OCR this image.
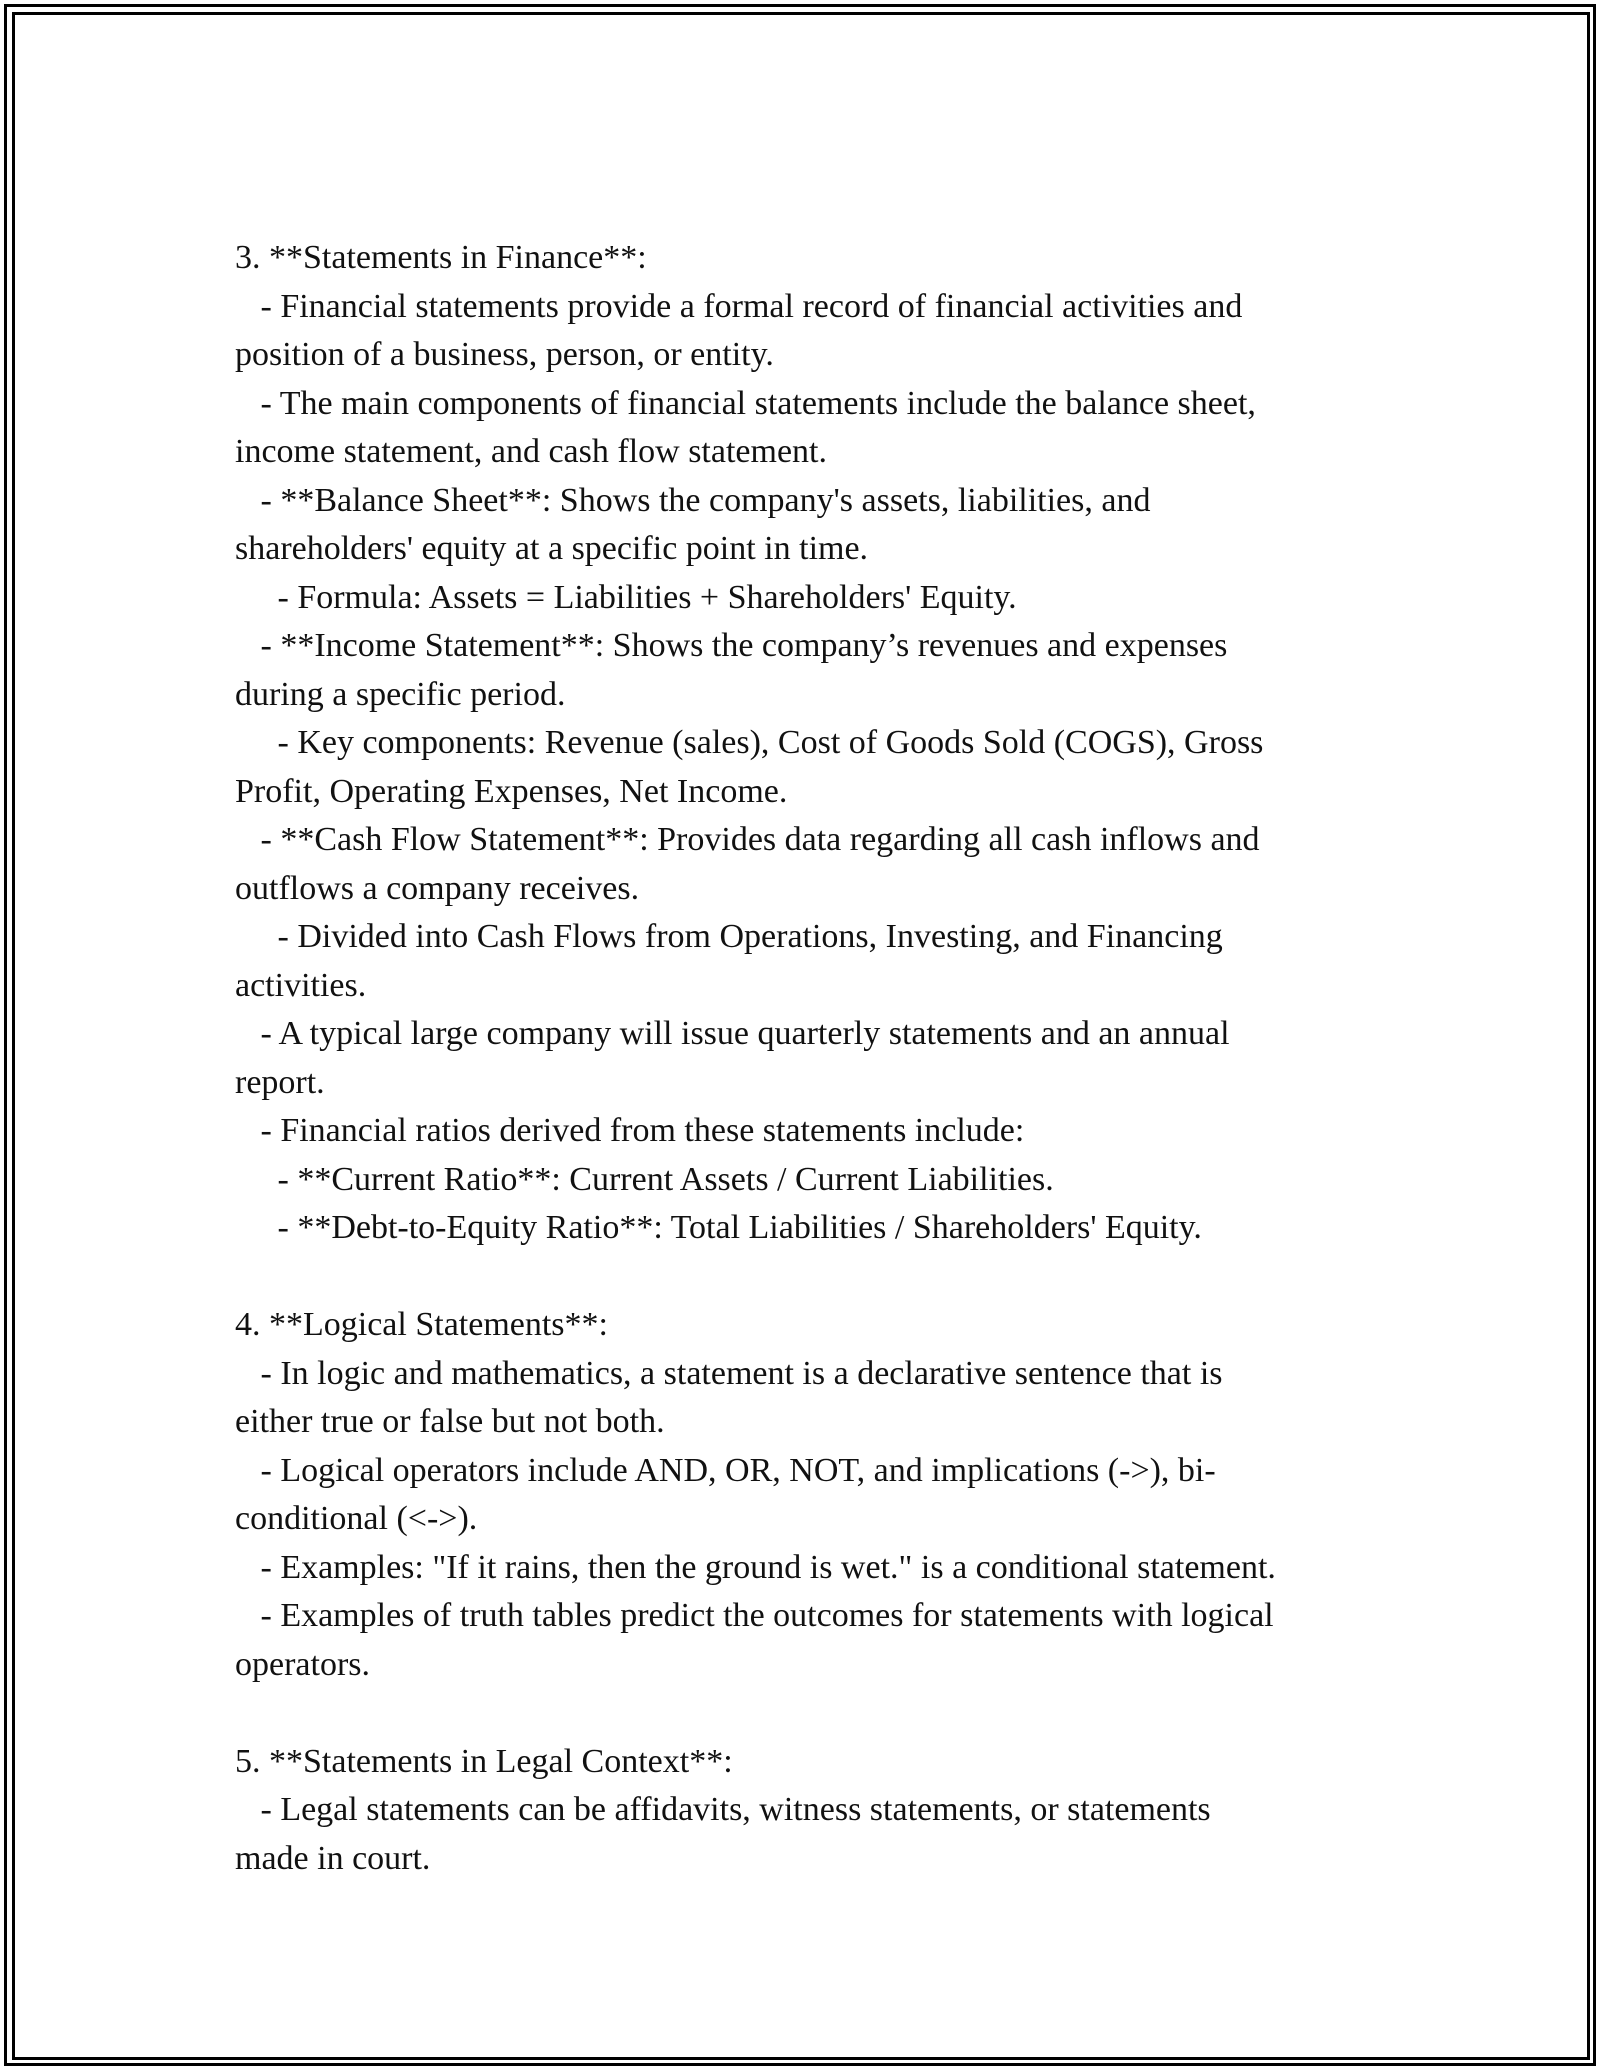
3. **Statements in Finance**:
- Financial statements provide a formal record of financial activities and
position of a business, person, or entity.
- The main components of financial statements include the balance sheet,
income statement, and cash flow statement.
- **Balance Sheet**: Shows the company's assets, liabilities, and
shareholders' equity at a specific point in time.
- Formula: Assets = Liabilities + Shareholders' Equity.
- **Income Statement**: Shows the company’s revenues and expenses
during a specific period.
- Key components: Revenue (sales), Cost of Goods Sold (COGS), Gross
Profit, Operating Expenses, Net Income.
- **Cash Flow Statement**: Provides data regarding all cash inflows and
outflows a company receives.
- Divided into Cash Flows from Operations, Investing, and Financing
activities.
- A typical large company will issue quarterly statements and an annual
report.
- Financial ratios derived from these statements include:
- **Current Ratio**: Current Assets / Current Liabilities.
- **Debt-to-Equity Ratio**: Total Liabilities / Shareholders' Equity.
4. **Logical Statements**:
- In logic and mathematics, a statement is a declarative sentence that is
either true or false but not both.
- Logical operators include AND, OR, NOT, and implications (->), bi-
conditional (<->).
- Examples: "If it rains, then the ground is wet." is a conditional statement.
- Examples of truth tables predict the outcomes for statements with logical
operators.
5. **Statements in Legal Context**:
- Legal statements can be affidavits, witness statements, or statements
made in court.
